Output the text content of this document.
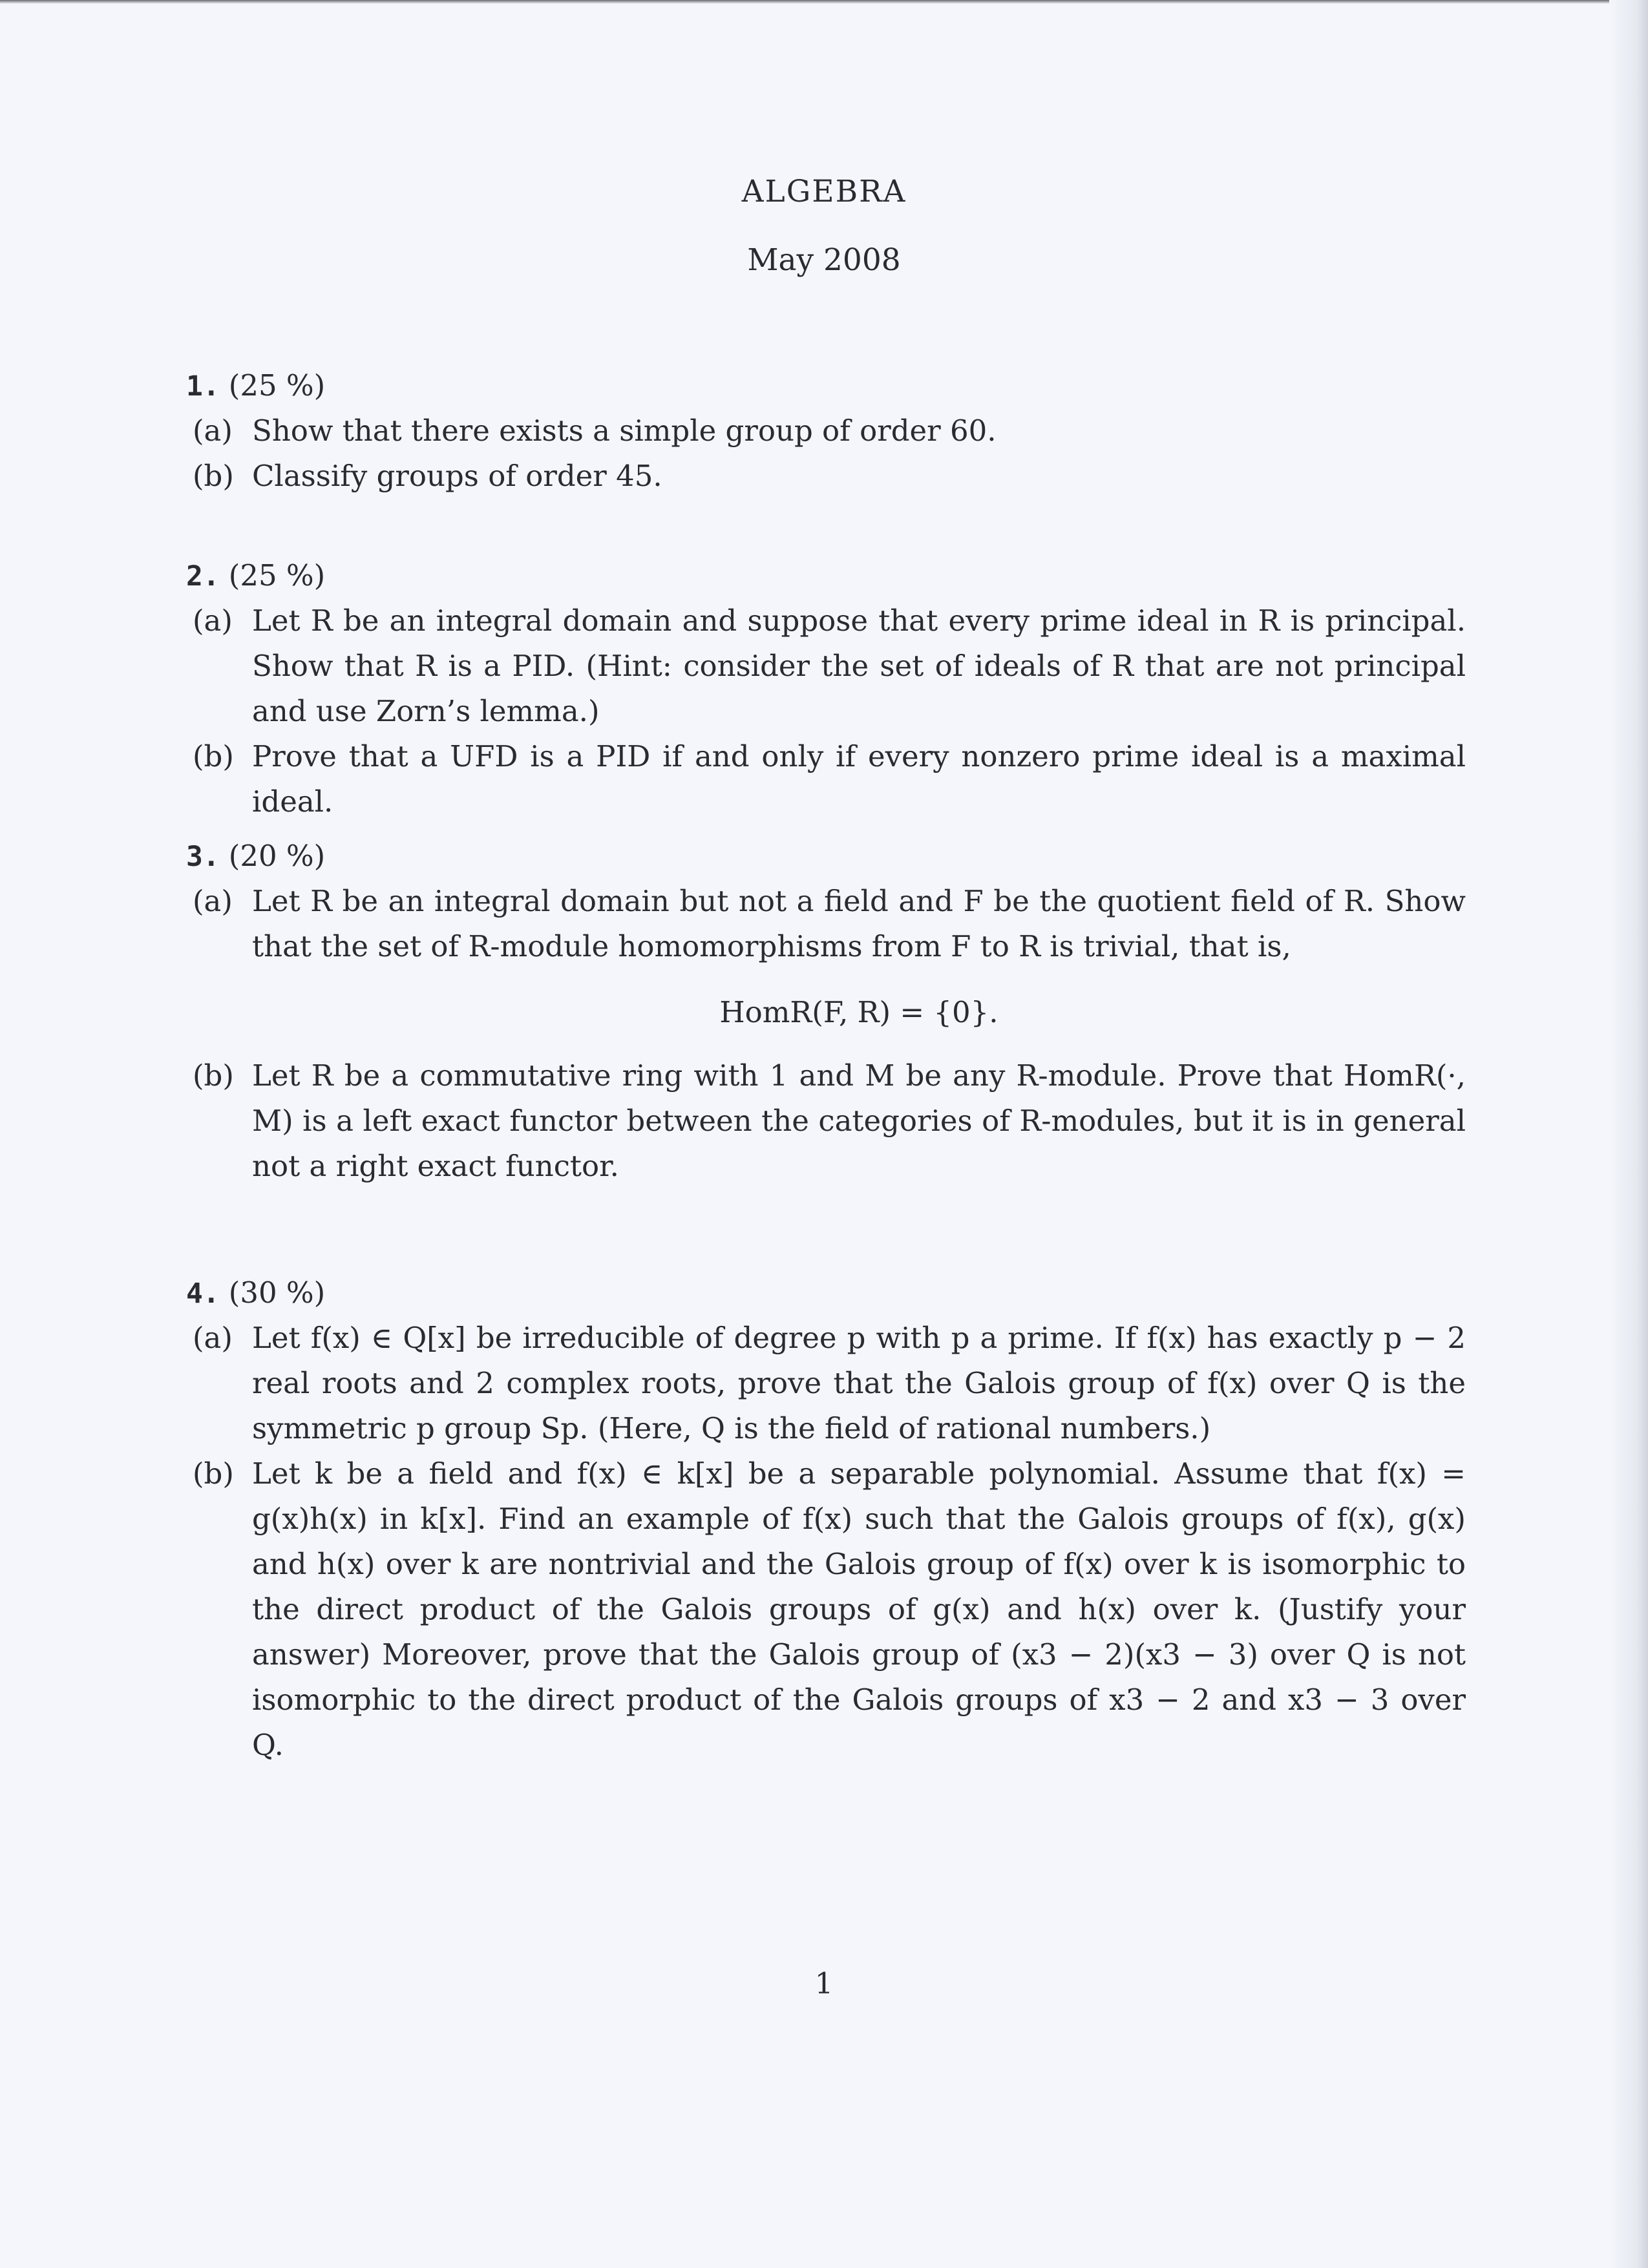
ALGEBRA
May 2008
1. (25 %)
(a) Show that there exists a simple group of order 60.
(b) Classify groups of order 45.
2. (25 %)
(a) Let R be an integral domain and suppose that every prime ideal in R is principal. Show that R is a PID. (Hint: consider the set of ideals of R that are not principal and use Zorn’s lemma.)
(b) Prove that a UFD is a PID if and only if every nonzero prime ideal is a maximal ideal.
3. (20 %)
(a) Let R be an integral domain but not a field and F be the quotient field of R. Show that the set of R-module homomorphisms from F to R is trivial, that is,
HomR(F, R) = {0}.
(b) Let R be a commutative ring with 1 and M be any R-module. Prove that HomR(·, M) is a left exact functor between the categories of R-modules, but it is in general not a right exact functor.
4. (30 %)
(a) Let f(x) ∈ Q[x] be irreducible of degree p with p a prime. If f(x) has exactly p − 2 real roots and 2 complex roots, prove that the Galois group of f(x) over Q is the symmetric p group Sp. (Here, Q is the field of rational numbers.)
(b) Let k be a field and f(x) ∈ k[x] be a separable polynomial. Assume that f(x) = g(x)h(x) in k[x]. Find an example of f(x) such that the Galois groups of f(x), g(x) and h(x) over k are nontrivial and the Galois group of f(x) over k is isomorphic to the direct product of the Galois groups of g(x) and h(x) over k. (Justify your answer) Moreover, prove that the Galois group of (x3 − 2)(x3 − 3) over Q is not isomorphic to the direct product of the Galois groups of x3 − 2 and x3 − 3 over Q.
1
